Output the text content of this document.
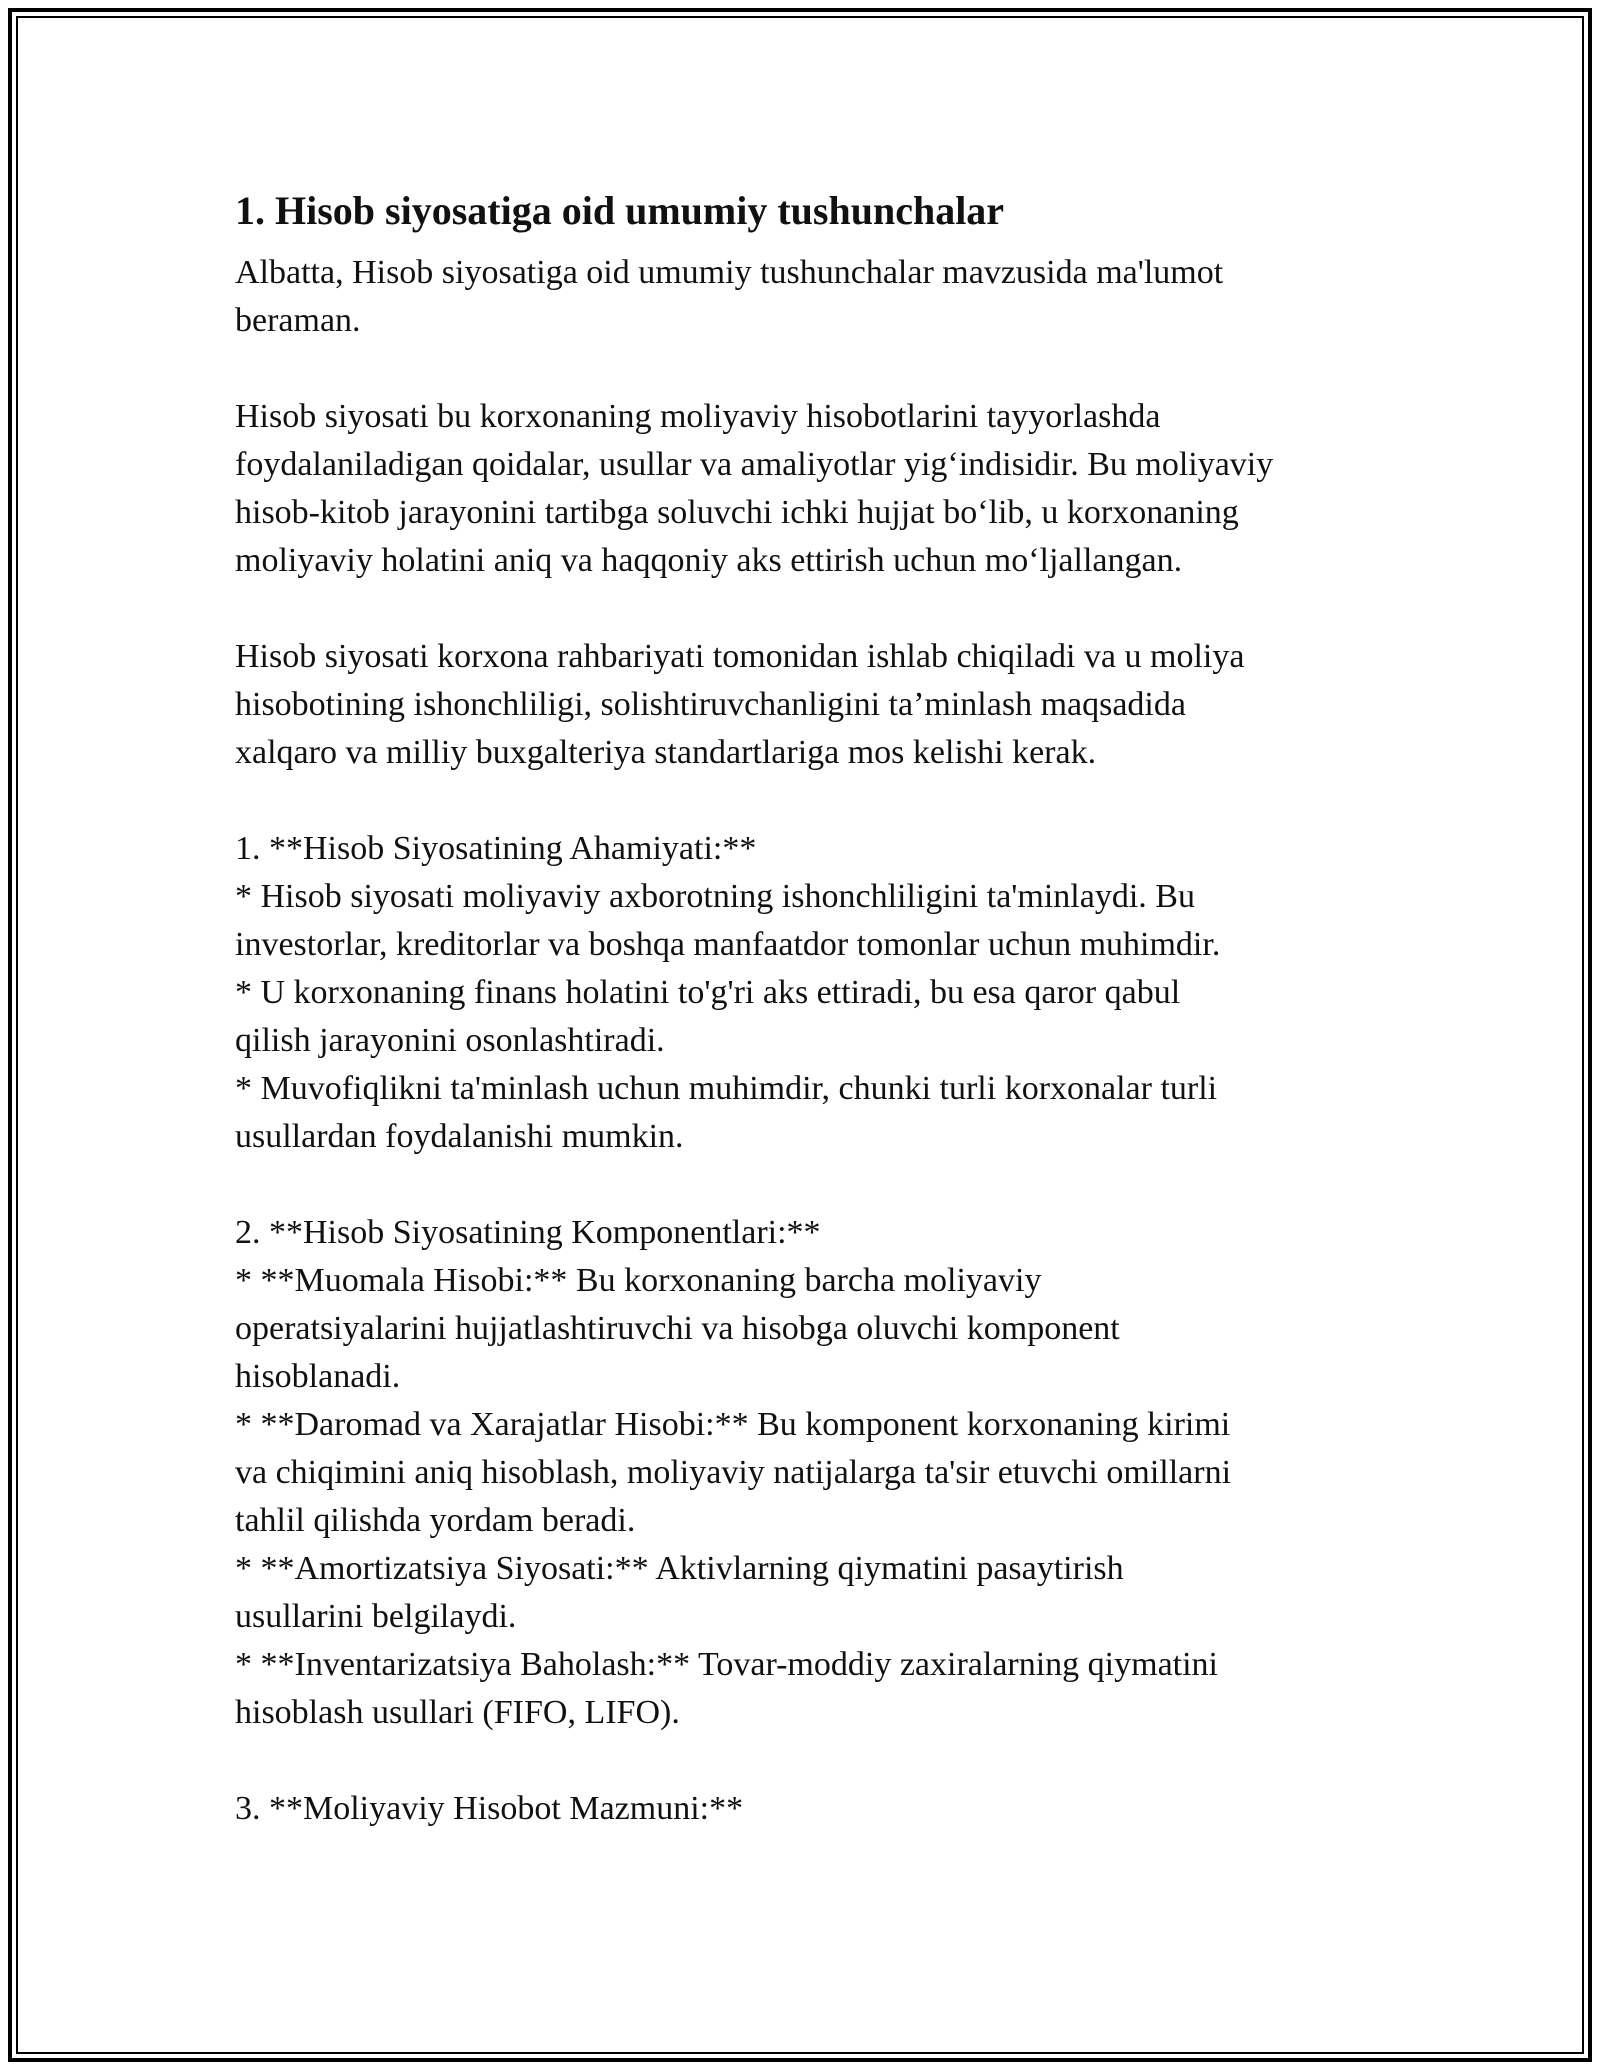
1. Hisob siyosatiga oid umumiy tushunchalar

Albatta, Hisob siyosatiga oid umumiy tushunchalar mavzusida ma'lumot
beraman.

Hisob siyosati bu korxonaning moliyaviy hisobotlarini tayyorlashda
foydalaniladigan qoidalar, usullar va amaliyotlar yig‘indisidir. Bu moliyaviy
hisob-kitob jarayonini tartibga soluvchi ichki hujjat bo‘lib, u korxonaning
moliyaviy holatini aniq va haqqoniy aks ettirish uchun mo‘ljallangan.

Hisob siyosati korxona rahbariyati tomonidan ishlab chiqiladi va u moliya
hisobotining ishonchliligi, solishtiruvchanligini ta’minlash maqsadida
xalqaro va milliy buxgalteriya standartlariga mos kelishi kerak.

1. **Hisob Siyosatining Ahamiyati:**
* Hisob siyosati moliyaviy axborotning ishonchliligini ta'minlaydi. Bu
investorlar, kreditorlar va boshqa manfaatdor tomonlar uchun muhimdir.
* U korxonaning finans holatini to'g'ri aks ettiradi, bu esa qaror qabul
qilish jarayonini osonlashtiradi.
* Muvofiqlikni ta'minlash uchun muhimdir, chunki turli korxonalar turli
usullardan foydalanishi mumkin.

2. **Hisob Siyosatining Komponentlari:**
* **Muomala Hisobi:** Bu korxonaning barcha moliyaviy
operatsiyalarini hujjatlashtiruvchi va hisobga oluvchi komponent
hisoblanadi.
* **Daromad va Xarajatlar Hisobi:** Bu komponent korxonaning kirimi
va chiqimini aniq hisoblash, moliyaviy natijalarga ta'sir etuvchi omillarni
tahlil qilishda yordam beradi.
* **Amortizatsiya Siyosati:** Aktivlarning qiymatini pasaytirish
usullarini belgilaydi.
* **Inventarizatsiya Baholash:** Tovar-moddiy zaxiralarning qiymatini
hisoblash usullari (FIFO, LIFO).

3. **Moliyaviy Hisobot Mazmuni:**
